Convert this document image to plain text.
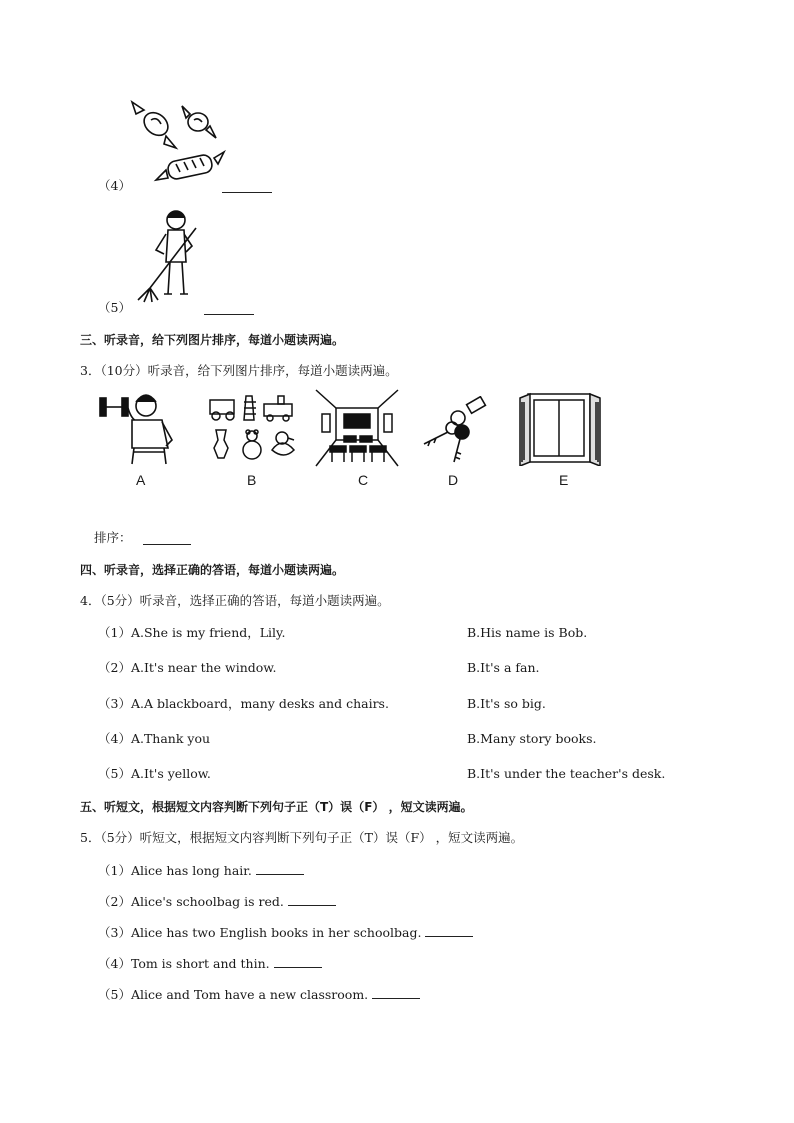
（4）
（5）
三、听录音，给下列图片排序，每道小题读两遍。
3．（10分）听录音，给下列图片排序，每道小题读两遍。
A	B	C	D	E
排序：
四、听录音，选择正确的答语，每道小题读两遍。
4．（5分）听录音，选择正确的答语，每道小题读两遍。
（1）A.She is my friend，Lily.	B.His name is Bob.
（2）A.It's near the window.	B.It's a fan.
（3）A.A blackboard，many desks and chairs.	B.It's so big.
（4）A.Thank you	B.Many story books.
（5）A.It's yellow.	B.It's under the teacher's desk.
五、听短文，根据短文内容判断下列句子正（T）误（F） ，短文读两遍。
5．（5分）听短文，根据短文内容判断下列句子正（T）误（F） ，短文读两遍。
（1）Alice has long hair.
（2）Alice's schoolbag is red.
（3）Alice has two English books in her schoolbag.
（4）Tom is short and thin.
（5）Alice and Tom have a new classroom.
